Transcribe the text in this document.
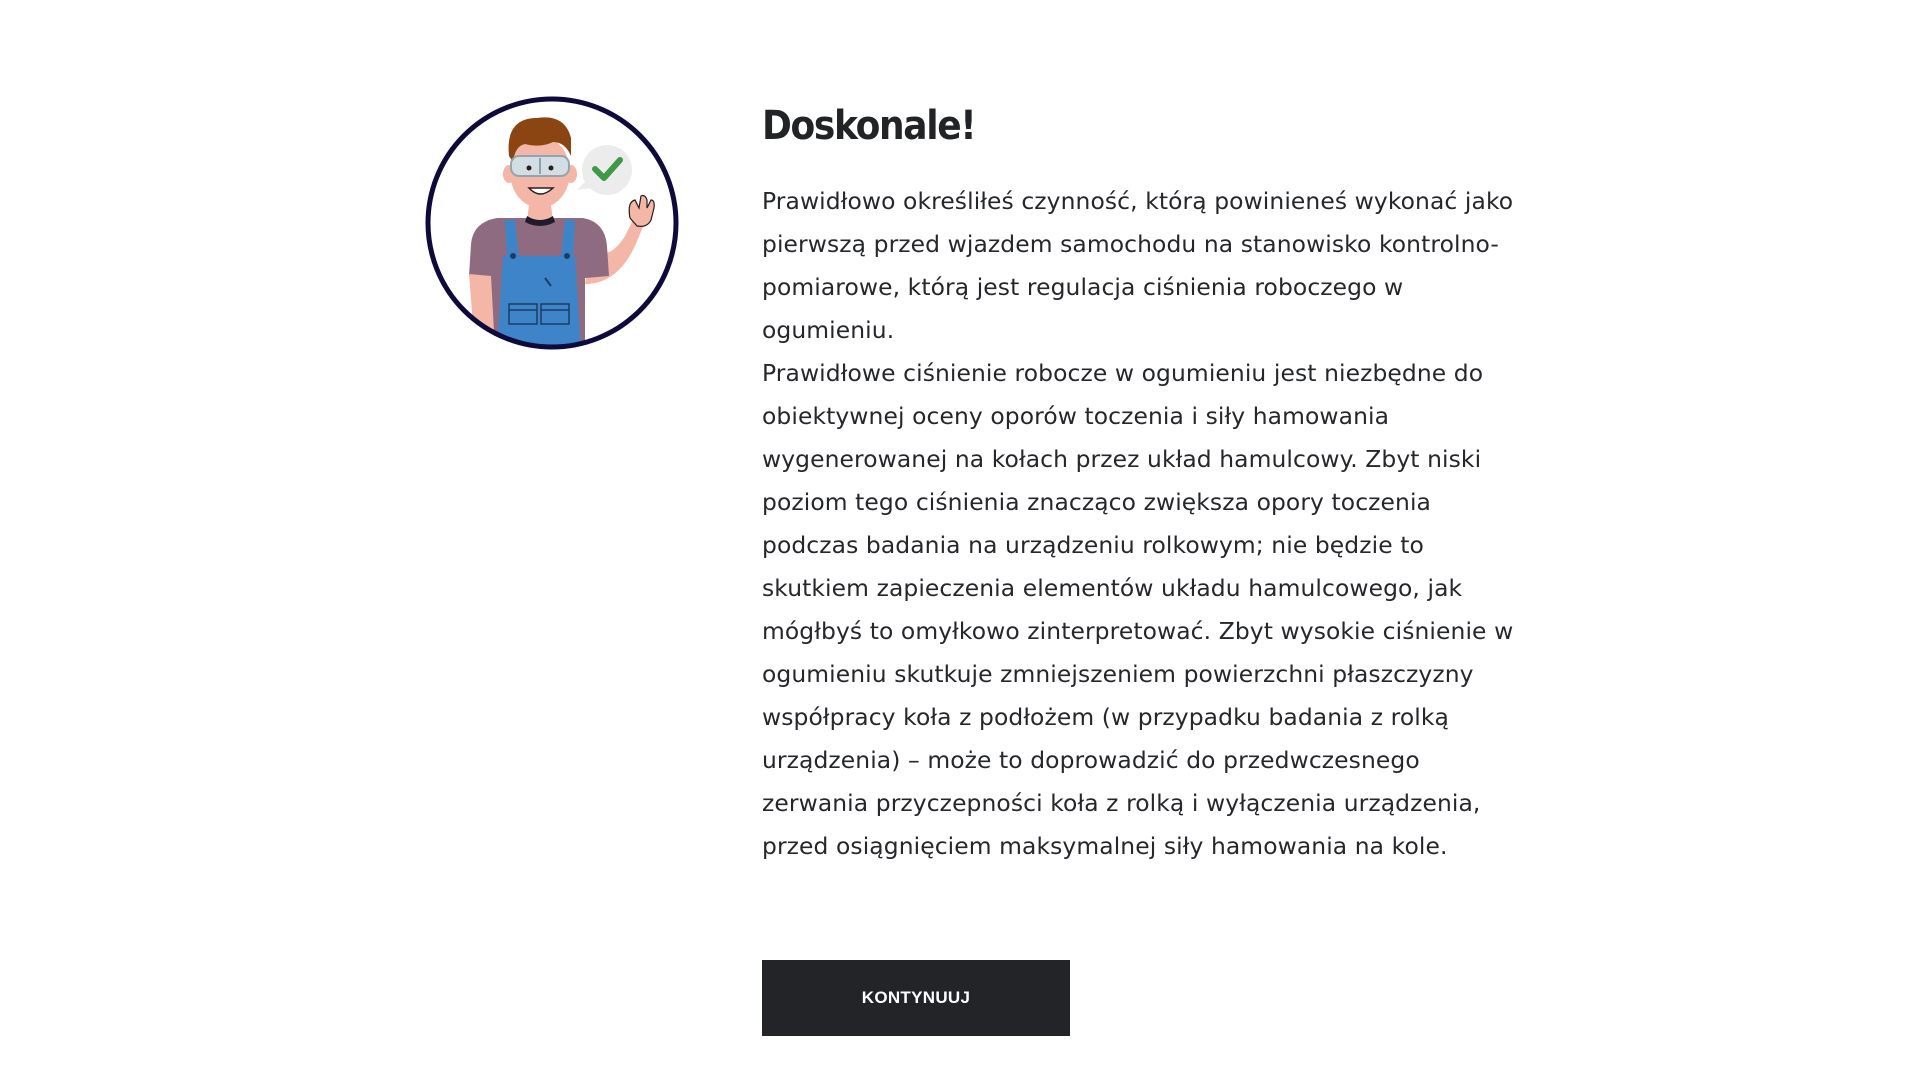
Doskonale!

Prawidłowo określiłeś czynność, którą powinieneś wykonać jako pierwszą przed wjazdem samochodu na stanowisko kontrolno-pomiarowe, którą jest regulacja ciśnienia roboczego w ogumieniu.

Prawidłowe ciśnienie robocze w ogumieniu jest niezbędne do obiektywnej oceny oporów toczenia i siły hamowania wygenerowanej na kołach przez układ hamulcowy. Zbyt niski poziom tego ciśnienia znacząco zwiększa opory toczenia podczas badania na urządzeniu rolkowym; nie będzie to skutkiem zapieczenia elementów układu hamulcowego, jak mógłbyś to omyłkowo zinterpretować. Zbyt wysokie ciśnienie w ogumieniu skutkuje zmniejszeniem powierzchni płaszczyzny współpracy koła z podłożem (w przypadku badania z rolką urządzenia) – może to doprowadzić do przedwczesnego zerwania przyczepności koła z rolką i wyłączenia urządzenia, przed osiągnięciem maksymalnej siły hamowania na kole.

KONTYNUUJ
